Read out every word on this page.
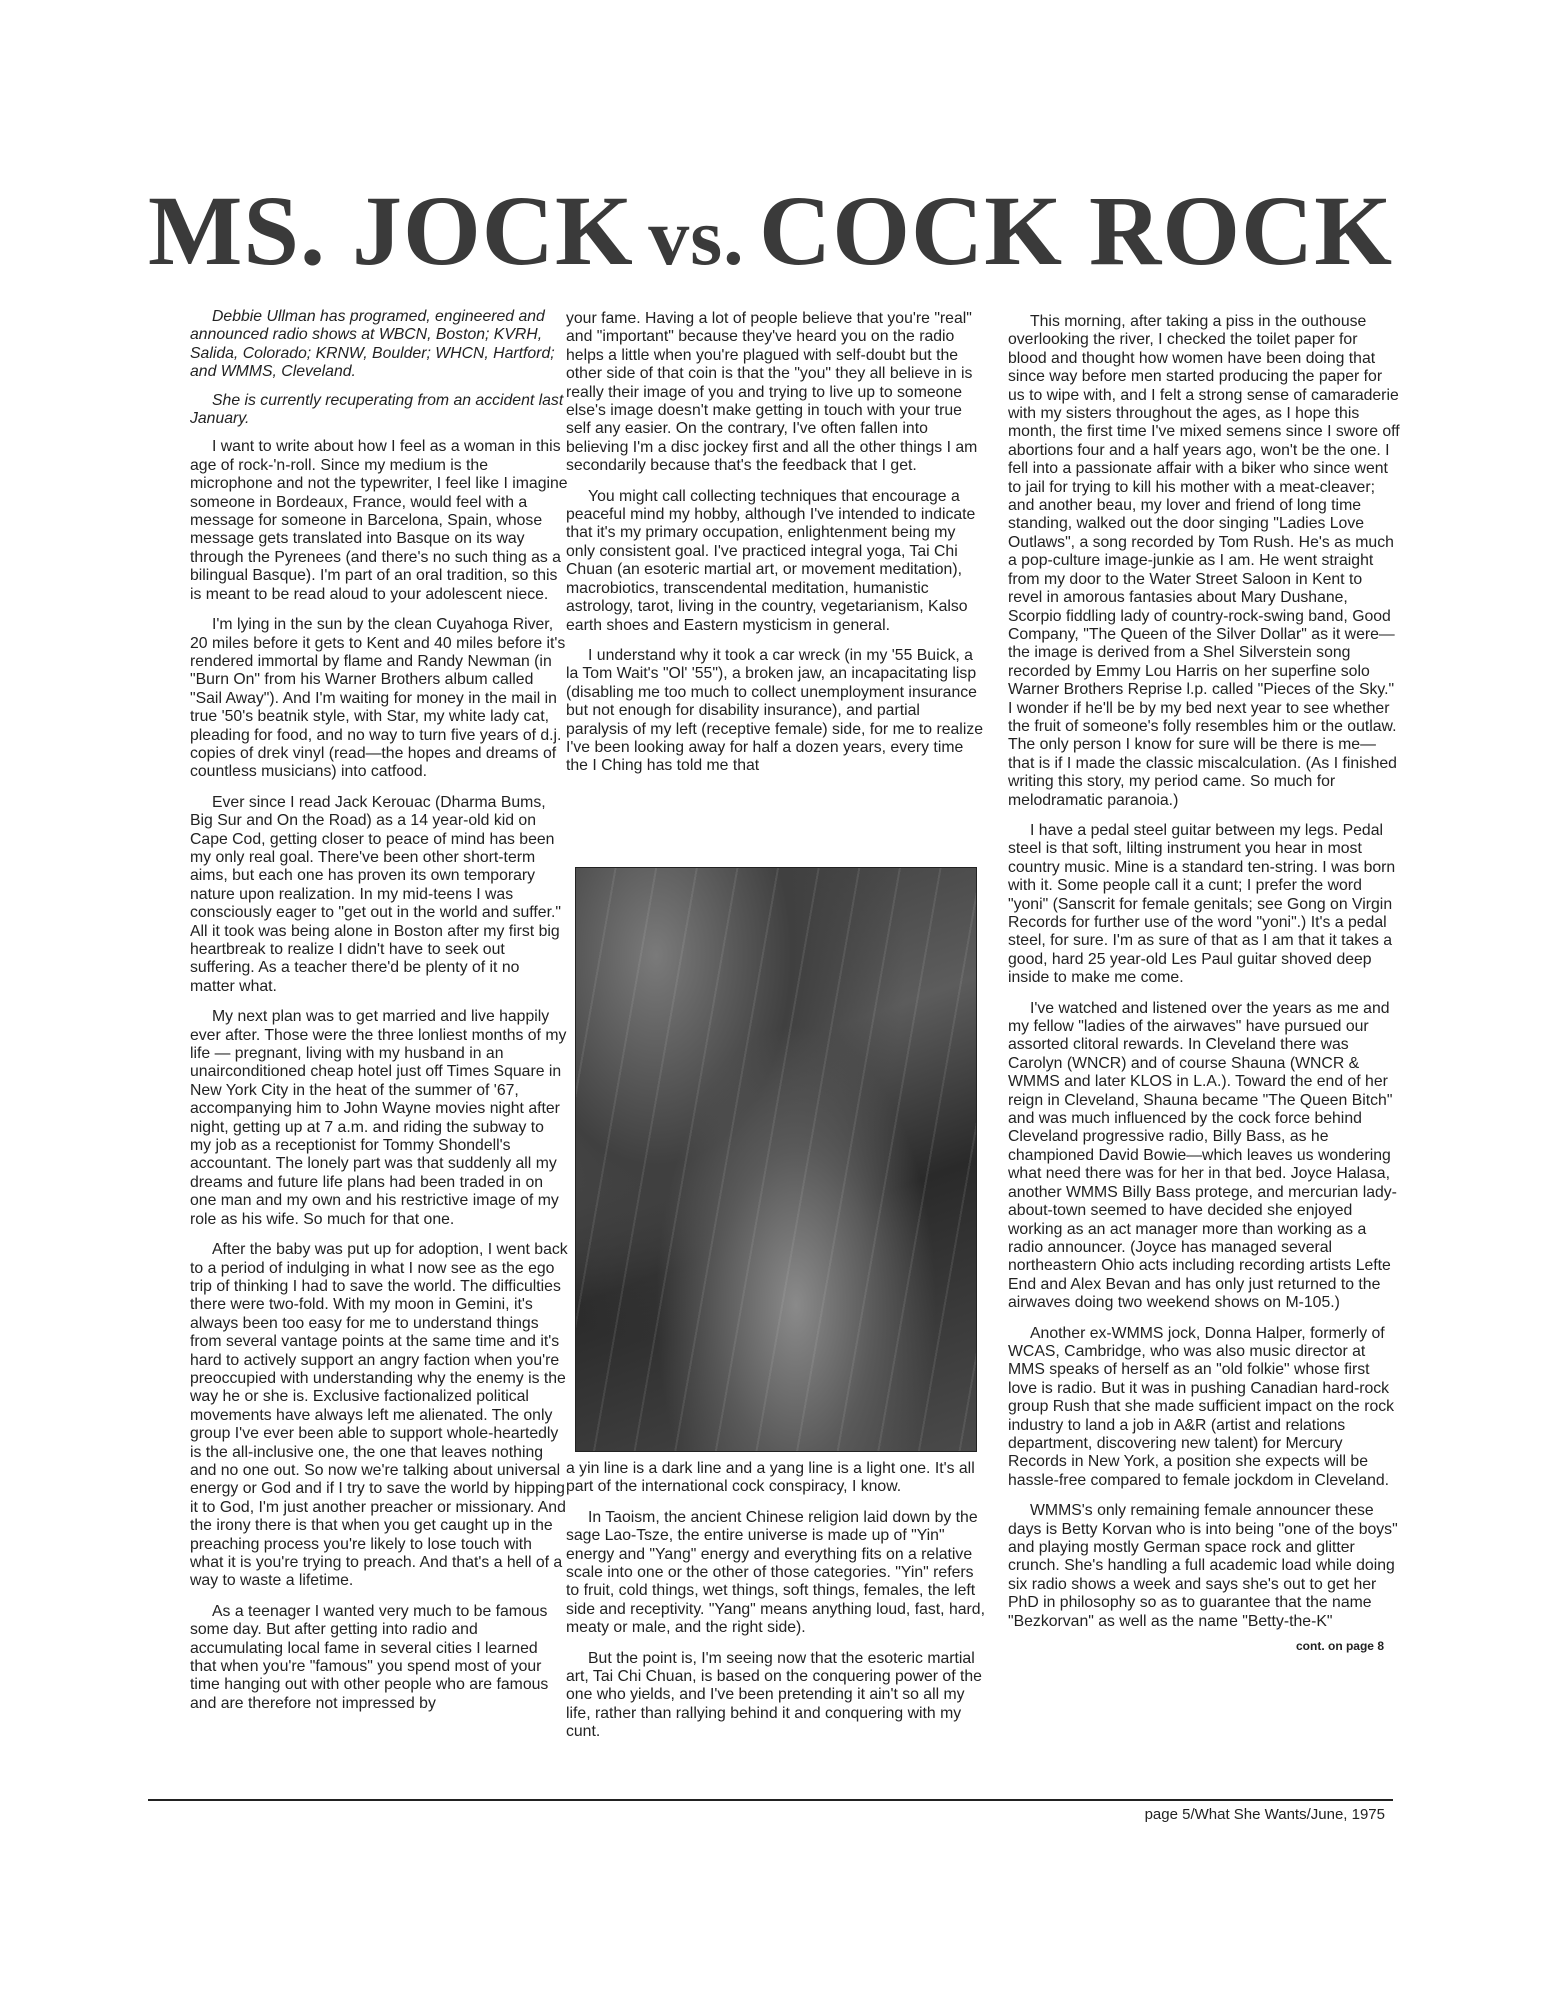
MS. JOCK vs. COCK ROCK

Debbie Ullman has programed, engineered and announced radio shows at WBCN, Boston; KVRH, Salida, Colorado; KRNW, Boulder; WHCN, Hartford; and WMMS, Cleveland.

She is currently recuperating from an accident last January.

I want to write about how I feel as a woman in this age of rock-'n-roll. Since my medium is the microphone and not the typewriter, I feel like I imagine someone in Bordeaux, France, would feel with a message for someone in Barcelona, Spain, whose message gets translated into Basque on its way through the Pyrenees (and there's no such thing as a bilingual Basque). I'm part of an oral tradition, so this is meant to be read aloud to your adolescent niece.

I'm lying in the sun by the clean Cuyahoga River, 20 miles before it gets to Kent and 40 miles before it's rendered immortal by flame and Randy Newman (in "Burn On" from his Warner Brothers album called "Sail Away"). And I'm waiting for money in the mail in true '50's beatnik style, with Star, my white lady cat, pleading for food, and no way to turn five years of d.j. copies of drek vinyl (read—the hopes and dreams of countless musicians) into catfood.

Ever since I read Jack Kerouac (Dharma Bums, Big Sur and On the Road) as a 14 year-old kid on Cape Cod, getting closer to peace of mind has been my only real goal. There've been other short-term aims, but each one has proven its own temporary nature upon realization. In my mid-teens I was consciously eager to "get out in the world and suffer." All it took was being alone in Boston after my first big heartbreak to realize I didn't have to seek out suffering. As a teacher there'd be plenty of it no matter what.

My next plan was to get married and live happily ever after. Those were the three lonliest months of my life — pregnant, living with my husband in an unairconditioned cheap hotel just off Times Square in New York City in the heat of the summer of '67, accompanying him to John Wayne movies night after night, getting up at 7 a.m. and riding the subway to my job as a receptionist for Tommy Shondell's accountant. The lonely part was that suddenly all my dreams and future life plans had been traded in on one man and my own and his restrictive image of my role as his wife. So much for that one.

After the baby was put up for adoption, I went back to a period of indulging in what I now see as the ego trip of thinking I had to save the world. The difficulties there were two-fold. With my moon in Gemini, it's always been too easy for me to understand things from several vantage points at the same time and it's hard to actively support an angry faction when you're preoccupied with understanding why the enemy is the way he or she is. Exclusive factionalized political movements have always left me alienated. The only group I've ever been able to support whole-heartedly is the all-inclusive one, the one that leaves nothing and no one out. So now we're talking about universal energy or God and if I try to save the world by hipping it to God, I'm just another preacher or missionary. And the irony there is that when you get caught up in the preaching process you're likely to lose touch with what it is you're trying to preach. And that's a hell of a way to waste a lifetime.

As a teenager I wanted very much to be famous some day. But after getting into radio and accumulating local fame in several cities I learned that when you're "famous" you spend most of your time hanging out with other people who are famous and are therefore not impressed by

your fame. Having a lot of people believe that you're "real" and "important" because they've heard you on the radio helps a little when you're plagued with self-doubt but the other side of that coin is that the "you" they all believe in is really their image of you and trying to live up to someone else's image doesn't make getting in touch with your true self any easier. On the contrary, I've often fallen into believing I'm a disc jockey first and all the other things I am secondarily because that's the feedback that I get.

You might call collecting techniques that encourage a peaceful mind my hobby, although I've intended to indicate that it's my primary occupation, enlightenment being my only consistent goal. I've practiced integral yoga, Tai Chi Chuan (an esoteric martial art, or movement meditation), macrobiotics, transcendental meditation, humanistic astrology, tarot, living in the country, vegetarianism, Kalso earth shoes and Eastern mysticism in general.

I understand why it took a car wreck (in my '55 Buick, a la Tom Wait's "Ol' '55"), a broken jaw, an incapacitating lisp (disabling me too much to collect unemployment insurance but not enough for disability insurance), and partial paralysis of my left (receptive female) side, for me to realize I've been looking away for half a dozen years, every time the I Ching has told me that

a yin line is a dark line and a yang line is a light one. It's all part of the international cock conspiracy, I know.

In Taoism, the ancient Chinese religion laid down by the sage Lao-Tsze, the entire universe is made up of "Yin" energy and "Yang" energy and everything fits on a relative scale into one or the other of those categories. "Yin" refers to fruit, cold things, wet things, soft things, females, the left side and receptivity. "Yang" means anything loud, fast, hard, meaty or male, and the right side).

But the point is, I'm seeing now that the esoteric martial art, Tai Chi Chuan, is based on the conquering power of the one who yields, and I've been pretending it ain't so all my life, rather than rallying behind it and conquering with my cunt.

This morning, after taking a piss in the outhouse overlooking the river, I checked the toilet paper for blood and thought how women have been doing that since way before men started producing the paper for us to wipe with, and I felt a strong sense of camaraderie with my sisters throughout the ages, as I hope this month, the first time I've mixed semens since I swore off abortions four and a half years ago, won't be the one. I fell into a passionate affair with a biker who since went to jail for trying to kill his mother with a meat-cleaver; and another beau, my lover and friend of long time standing, walked out the door singing "Ladies Love Outlaws", a song recorded by Tom Rush. He's as much a pop-culture image-junkie as I am. He went straight from my door to the Water Street Saloon in Kent to revel in amorous fantasies about Mary Dushane, Scorpio fiddling lady of country-rock-swing band, Good Company, "The Queen of the Silver Dollar" as it were—the image is derived from a Shel Silverstein song recorded by Emmy Lou Harris on her superfine solo Warner Brothers Reprise l.p. called "Pieces of the Sky." I wonder if he'll be by my bed next year to see whether the fruit of someone's folly resembles him or the outlaw. The only person I know for sure will be there is me—that is if I made the classic miscalculation. (As I finished writing this story, my period came. So much for melodramatic paranoia.)

I have a pedal steel guitar between my legs. Pedal steel is that soft, lilting instrument you hear in most country music. Mine is a standard ten-string. I was born with it. Some people call it a cunt; I prefer the word "yoni" (Sanscrit for female genitals; see Gong on Virgin Records for further use of the word "yoni".) It's a pedal steel, for sure. I'm as sure of that as I am that it takes a good, hard 25 year-old Les Paul guitar shoved deep inside to make me come.

I've watched and listened over the years as me and my fellow "ladies of the airwaves" have pursued our assorted clitoral rewards. In Cleveland there was Carolyn (WNCR) and of course Shauna (WNCR & WMMS and later KLOS in L.A.). Toward the end of her reign in Cleveland, Shauna became "The Queen Bitch" and was much influenced by the cock force behind Cleveland progressive radio, Billy Bass, as he championed David Bowie—which leaves us wondering what need there was for her in that bed. Joyce Halasa, another WMMS Billy Bass protege, and mercurian lady-about-town seemed to have decided she enjoyed working as an act manager more than working as a radio announcer. (Joyce has managed several northeastern Ohio acts including recording artists Lefte End and Alex Bevan and has only just returned to the airwaves doing two weekend shows on M-105.)

Another ex-WMMS jock, Donna Halper, formerly of WCAS, Cambridge, who was also music director at MMS speaks of herself as an "old folkie" whose first love is radio. But it was in pushing Canadian hard-rock group Rush that she made sufficient impact on the rock industry to land a job in A&R (artist and relations department, discovering new talent) for Mercury Records in New York, a position she expects will be hassle-free compared to female jockdom in Cleveland.

WMMS's only remaining female announcer these days is Betty Korvan who is into being "one of the boys" and playing mostly German space rock and glitter crunch. She's handling a full academic load while doing six radio shows a week and says she's out to get her PhD in philosophy so as to guarantee that the name "Bezkorvan" as well as the name "Betty-the-K"

cont. on page 8
page 5/What She Wants/June, 1975
